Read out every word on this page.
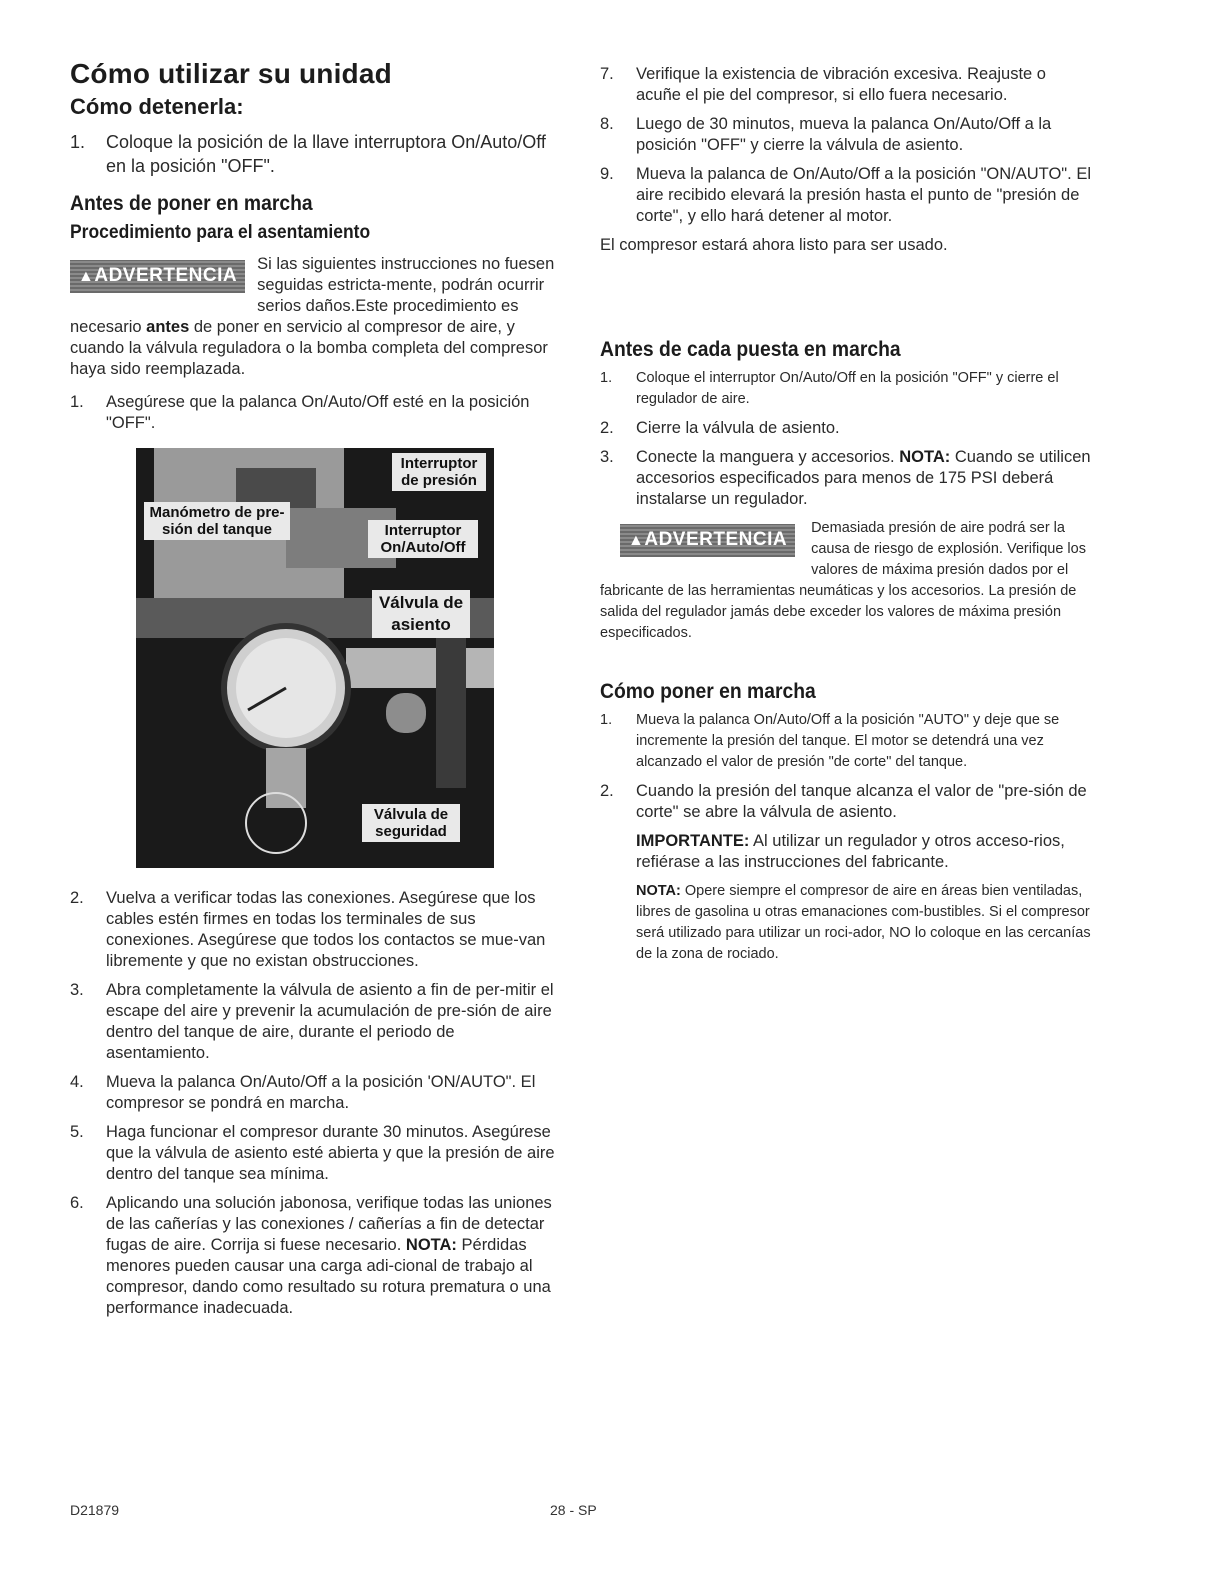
Cómo utilizar su unidad
Cómo detenerla:
1. Coloque la posición de la llave interruptora On/Auto/Off en la posición "OFF".
Antes de poner en marcha
Procedimiento para el asentamiento
▲ADVERTENCIA
Si las siguientes instrucciones no fuesen seguidas estricta-mente, podrán ocurrir serios daños.Este procedimiento es necesario antes de poner en servicio al compresor de aire, y cuando la válvula reguladora o la bomba completa del compresor haya sido reemplazada.
1. Asegúrese que la palanca On/Auto/Off esté en la posición "OFF".
Interruptor de presión
Manómetro de pre-sión del tanque	Interruptor On/Auto/Off
Válvula de asiento
Válvula de seguridad
2. Vuelva a verificar todas las conexiones. Asegúrese que los cables estén firmes en todas los terminales de sus conexiones. Asegúrese que todos los contactos se mue-van libremente y que no existan obstrucciones.
3. Abra completamente la válvula de asiento a fin de per-mitir el escape del aire y prevenir la acumulación de pre-sión de aire dentro del tanque de aire, durante el periodo de asentamiento.
4. Mueva la palanca On/Auto/Off a la posición 'ON/AUTO". El compresor se pondrá en marcha.
5. Haga funcionar el compresor durante 30 minutos. Asegúrese que la válvula de asiento esté abierta y que la presión de aire dentro del tanque sea mínima.
6. Aplicando una solución jabonosa, verifique todas las uniones de las cañerías y las conexiones / cañerías a fin de detectar fugas de aire. Corrija si fuese necesario. NOTA: Pérdidas menores pueden causar una carga adi-cional de trabajo al compresor, dando como resultado su rotura prematura o una performance inadecuada.
7. Verifique la existencia de vibración excesiva. Reajuste o acuñe el pie del compresor, si ello fuera necesario.
8. Luego de 30 minutos, mueva la palanca On/Auto/Off a la posición "OFF" y cierre la válvula de asiento.
9. Mueva la palanca de On/Auto/Off a la posición "ON/AUTO". El aire recibido elevará la presión hasta el punto de "presión de corte", y ello hará detener al motor.

El compresor estará ahora listo para ser usado.

Antes de cada puesta en marcha
1. Coloque el interruptor On/Auto/Off en la posición "OFF" y cierre el regulador de aire.
2. Cierre la válvula de asiento.
3. Conecte la manguera y accesorios. NOTA: Cuando se utilicen accesorios especificados para menos de 175 PSI deberá instalarse un regulador.
▲ADVERTENCIA
Demasiada presión de aire podrá ser la causa de riesgo de explosión. Verifique los valores de máxima presión dados por el fabricante de las herramientas neumáticas y los accesorios. La presión de salida del regulador jamás debe exceder los valores de máxima presión especificados.
Cómo poner en marcha
1. Mueva la palanca On/Auto/Off a la posición "AUTO" y deje que se incremente la presión del tanque. El motor se detendrá una vez alcanzado el valor de presión "de corte" del tanque.
2. Cuando la presión del tanque alcanza el valor de "pre-sión de corte" se abre la válvula de asiento.

IMPORTANTE: Al utilizar un regulador y otros acceso-rios, refiérase a las instrucciones del fabricante.

NOTA: Opere siempre el compresor de aire en áreas bien ventiladas, libres de gasolina u otras emanaciones com-bustibles. Si el compresor será utilizado para utilizar un roci-ador, NO lo coloque en las cercanías de la zona de rociado.

D21879	28 - SP
